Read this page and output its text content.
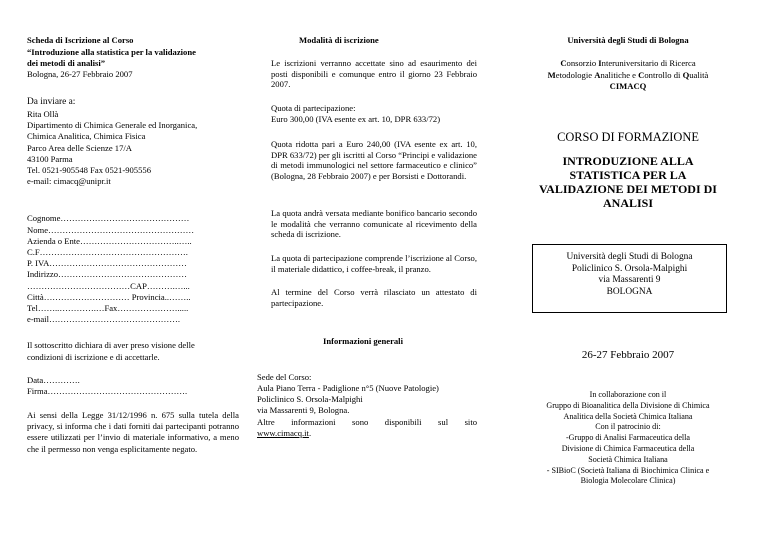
Scheda di Iscrizione al Corso
“Introduzione alla statistica per la validazione
dei metodi di analisi”
Bologna, 26-27 Febbraio 2007
Da inviare a:
Rita Ollà
Dipartimento di Chimica Generale ed Inorganica,
Chimica Analitica, Chimica Fisica
Parco Area delle Scienze 17/A
43100 Parma
Tel. 0521-905548 Fax 0521-905556
e-mail: cimacq@unipr.it
Cognome………………………………………
Nome……………………………………………
Azienda o Ente……………………………..…..
C.F…………………………………………….
P. IVA…………………………………………
Indirizzo………………………………………
………………………………CAP……….…...
Città………………………… Provincia..……..
Tel……..………….…Fax………………….....
e-mail……………………………………….
Il sottoscritto dichiara di aver preso visione delle
condizioni di iscrizione e di accettarle.
Data………….
Firma………………………………………….
Ai sensi della Legge 31/12/1996 n. 675 sulla tutela della privacy, si informa che i dati forniti dai partecipanti potranno essere utilizzati per l’invio di materiale informativo, a meno che il permesso non venga esplicitamente negato.
Modalità di iscrizione
Le iscrizioni verranno accettate sino ad esaurimento dei posti disponibili e comunque entro il giorno 23 Febbraio 2007.
Quota di partecipazione:
Euro 300,00 (IVA esente ex art. 10, DPR 633/72)
Quota ridotta pari a Euro 240,00 (IVA esente ex art. 10, DPR 633/72) per gli iscritti al Corso “Principi e validazione di metodi immunologici nel settore farmaceutico e clinico” (Bologna, 28 Febbraio 2007) e per Borsisti e Dottorandi.
La quota andrà versata mediante bonifico bancario secondo le modalità che verranno comunicate al ricevimento della scheda di iscrizione.
La quota di partecipazione comprende l’iscrizione al Corso, il materiale didattico, i coffee-break, il pranzo.
Al termine del Corso verrà rilasciato un attestato di partecipazione.
Informazioni generali
Sede del Corso:
Aula Piano Terra - Padiglione n°5 (Nuove Patologie)
Policlinico S. Orsola-Malpighi
via Massarenti 9, Bologna.
Altre informazioni sono disponibili sul sito
www.cimacq.it.
Università degli Studi di Bologna
Consorzio Interuniversitario di Ricerca
Metodologie Analitiche e Controllo di Qualità
CIMACQ
CORSO DI FORMAZIONE
INTRODUZIONE ALLA
STATISTICA PER LA
VALIDAZIONE DEI METODI DI
ANALISI
Università degli Studi di Bologna
Policlinico S. Orsola-Malpighi
via Massarenti 9
BOLOGNA
26-27 Febbraio 2007
In collaborazione con il
Gruppo di Bioanalitica della Divisione di Chimica
Analitica della Società Chimica Italiana
Con il patrocinio di:
-Gruppo di Analisi Farmaceutica della
Divisione di Chimica Farmaceutica della
Società Chimica Italiana
- SIBioC (Società Italiana di Biochimica Clinica e
Biologia Molecolare Clinica)
